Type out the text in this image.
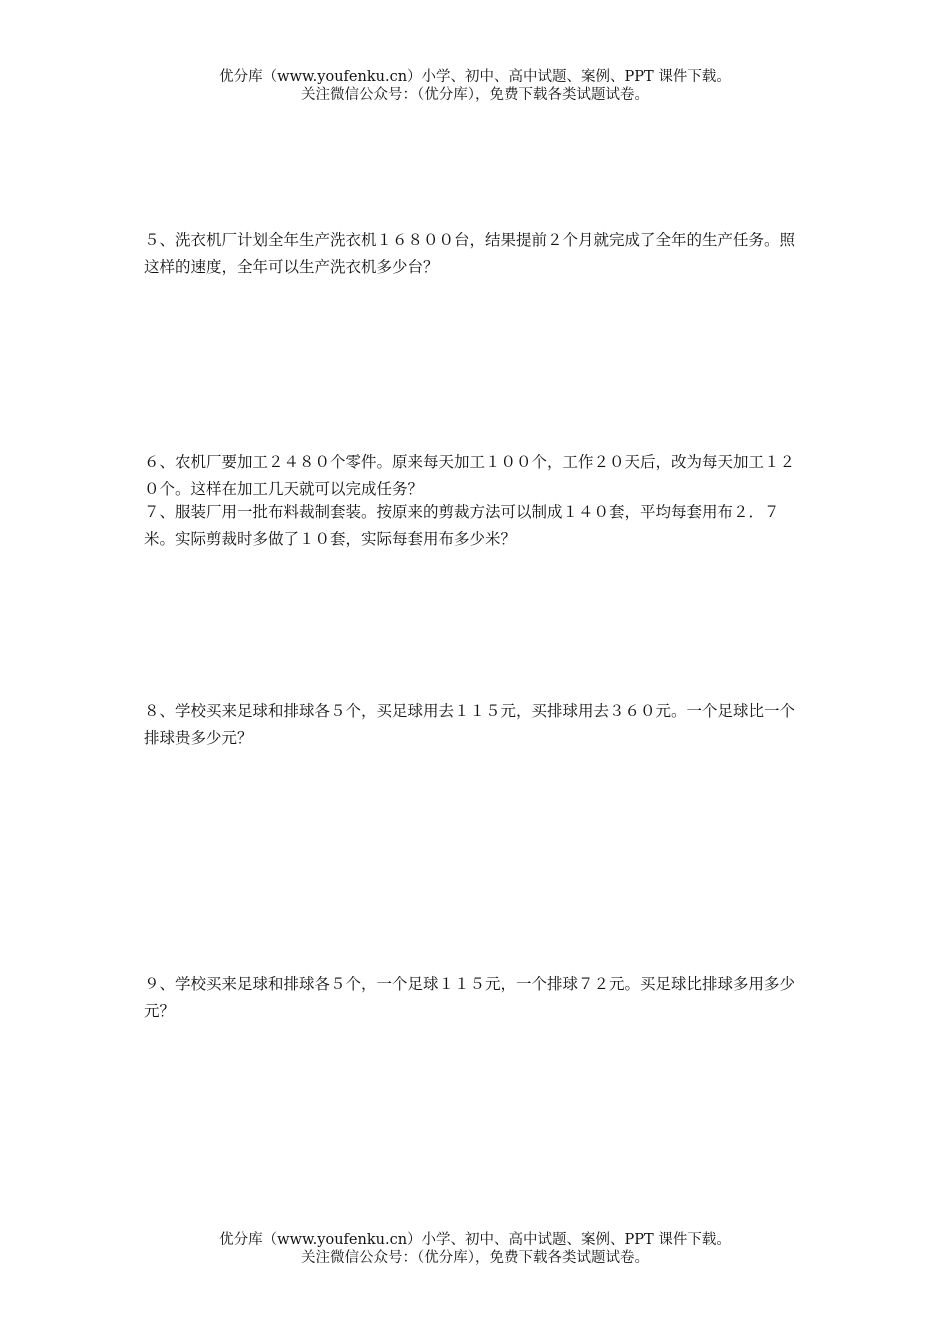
优分库（www.youfenku.cn）小学、初中、高中试题、案例、PPT 课件下载。
关注微信公众号：（优分库），免费下载各类试题试卷。
５、洗衣机厂计划全年生产洗衣机１６８００台，结果提前２个月就完成了全年的生产任务。照这样的速度，全年可以生产洗衣机多少台？
６、农机厂要加工２４８０个零件。原来每天加工１００个，工作２０天后，改为每天加工１２０个。这样在加工几天就可以完成任务？
７、服装厂用一批布料裁制套装。按原来的剪裁方法可以制成１４０套，平均每套用布２．７米。实际剪裁时多做了１０套，实际每套用布多少米？
８、学校买来足球和排球各５个，买足球用去１１５元，买排球用去３６０元。一个足球比一个排球贵多少元？
９、学校买来足球和排球各５个，一个足球１１５元，一个排球７２元。买足球比排球多用多少元？
优分库（www.youfenku.cn）小学、初中、高中试题、案例、PPT 课件下载。
关注微信公众号：（优分库），免费下载各类试题试卷。
